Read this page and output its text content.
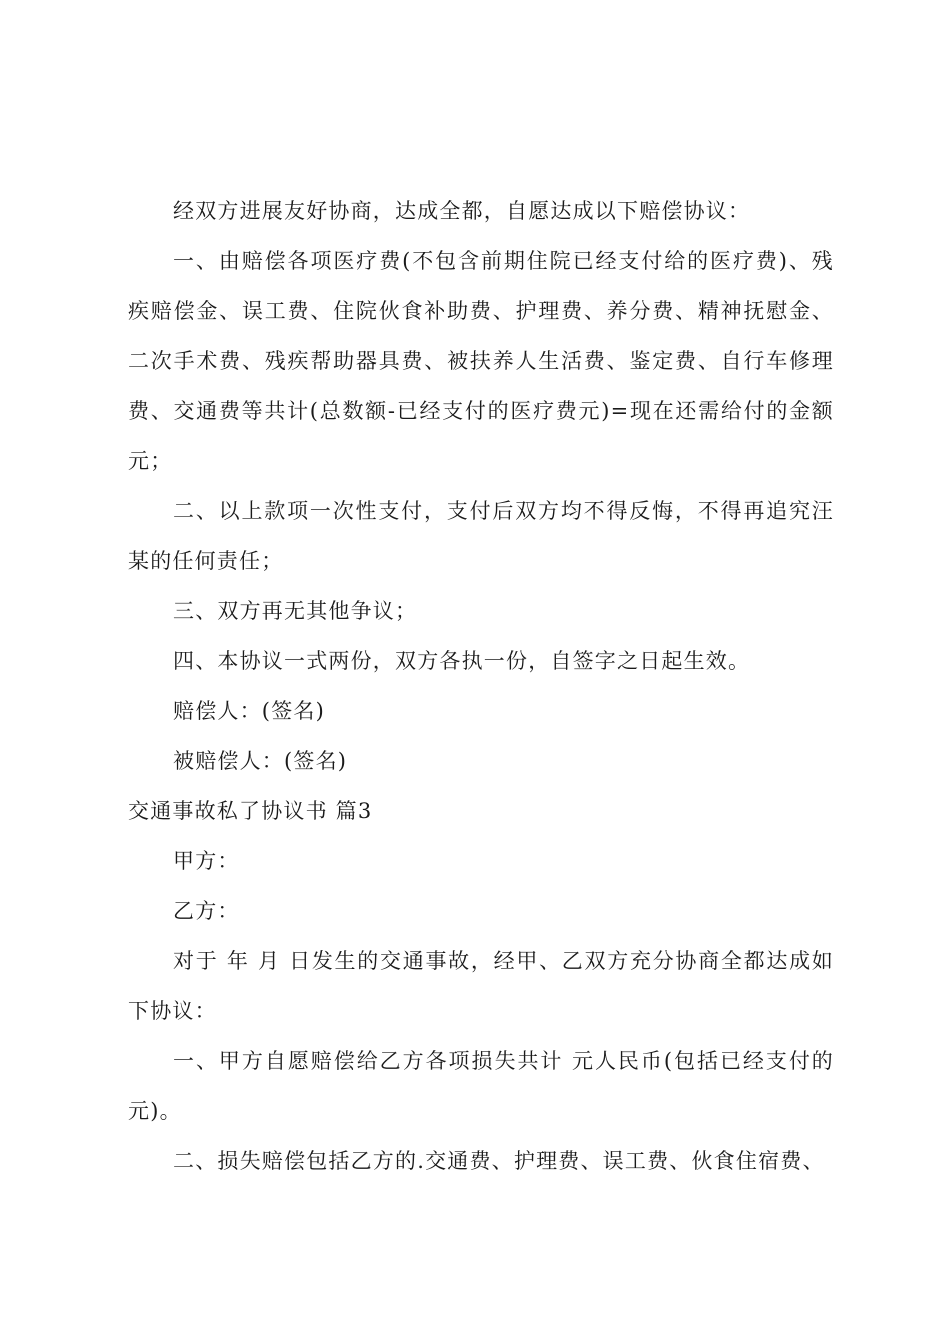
经双方进展友好协商，达成全都，自愿达成以下赔偿协议：

一、由赔偿各项医疗费(不包含前期住院已经支付给的医疗费)、残疾赔偿金、误工费、住院伙食补助费、护理费、养分费、精神抚慰金、二次手术费、残疾帮助器具费、被扶养人生活费、鉴定费、自行车修理费、交通费等共计(总数额-已经支付的医疗费元)=现在还需给付的金额元；

二、以上款项一次性支付，支付后双方均不得反悔，不得再追究汪某的任何责任；

三、双方再无其他争议；

四、本协议一式两份，双方各执一份，自签字之日起生效。

赔偿人：(签名)

被赔偿人：(签名)

交通事故私了协议书 篇3

甲方：

乙方：

对于 年 月 日发生的交通事故，经甲、乙双方充分协商全都达成如下协议：

一、甲方自愿赔偿给乙方各项损失共计 元人民币(包括已经支付的元)。

二、损失赔偿包括乙方的.交通费、护理费、误工费、伙食住宿费、
